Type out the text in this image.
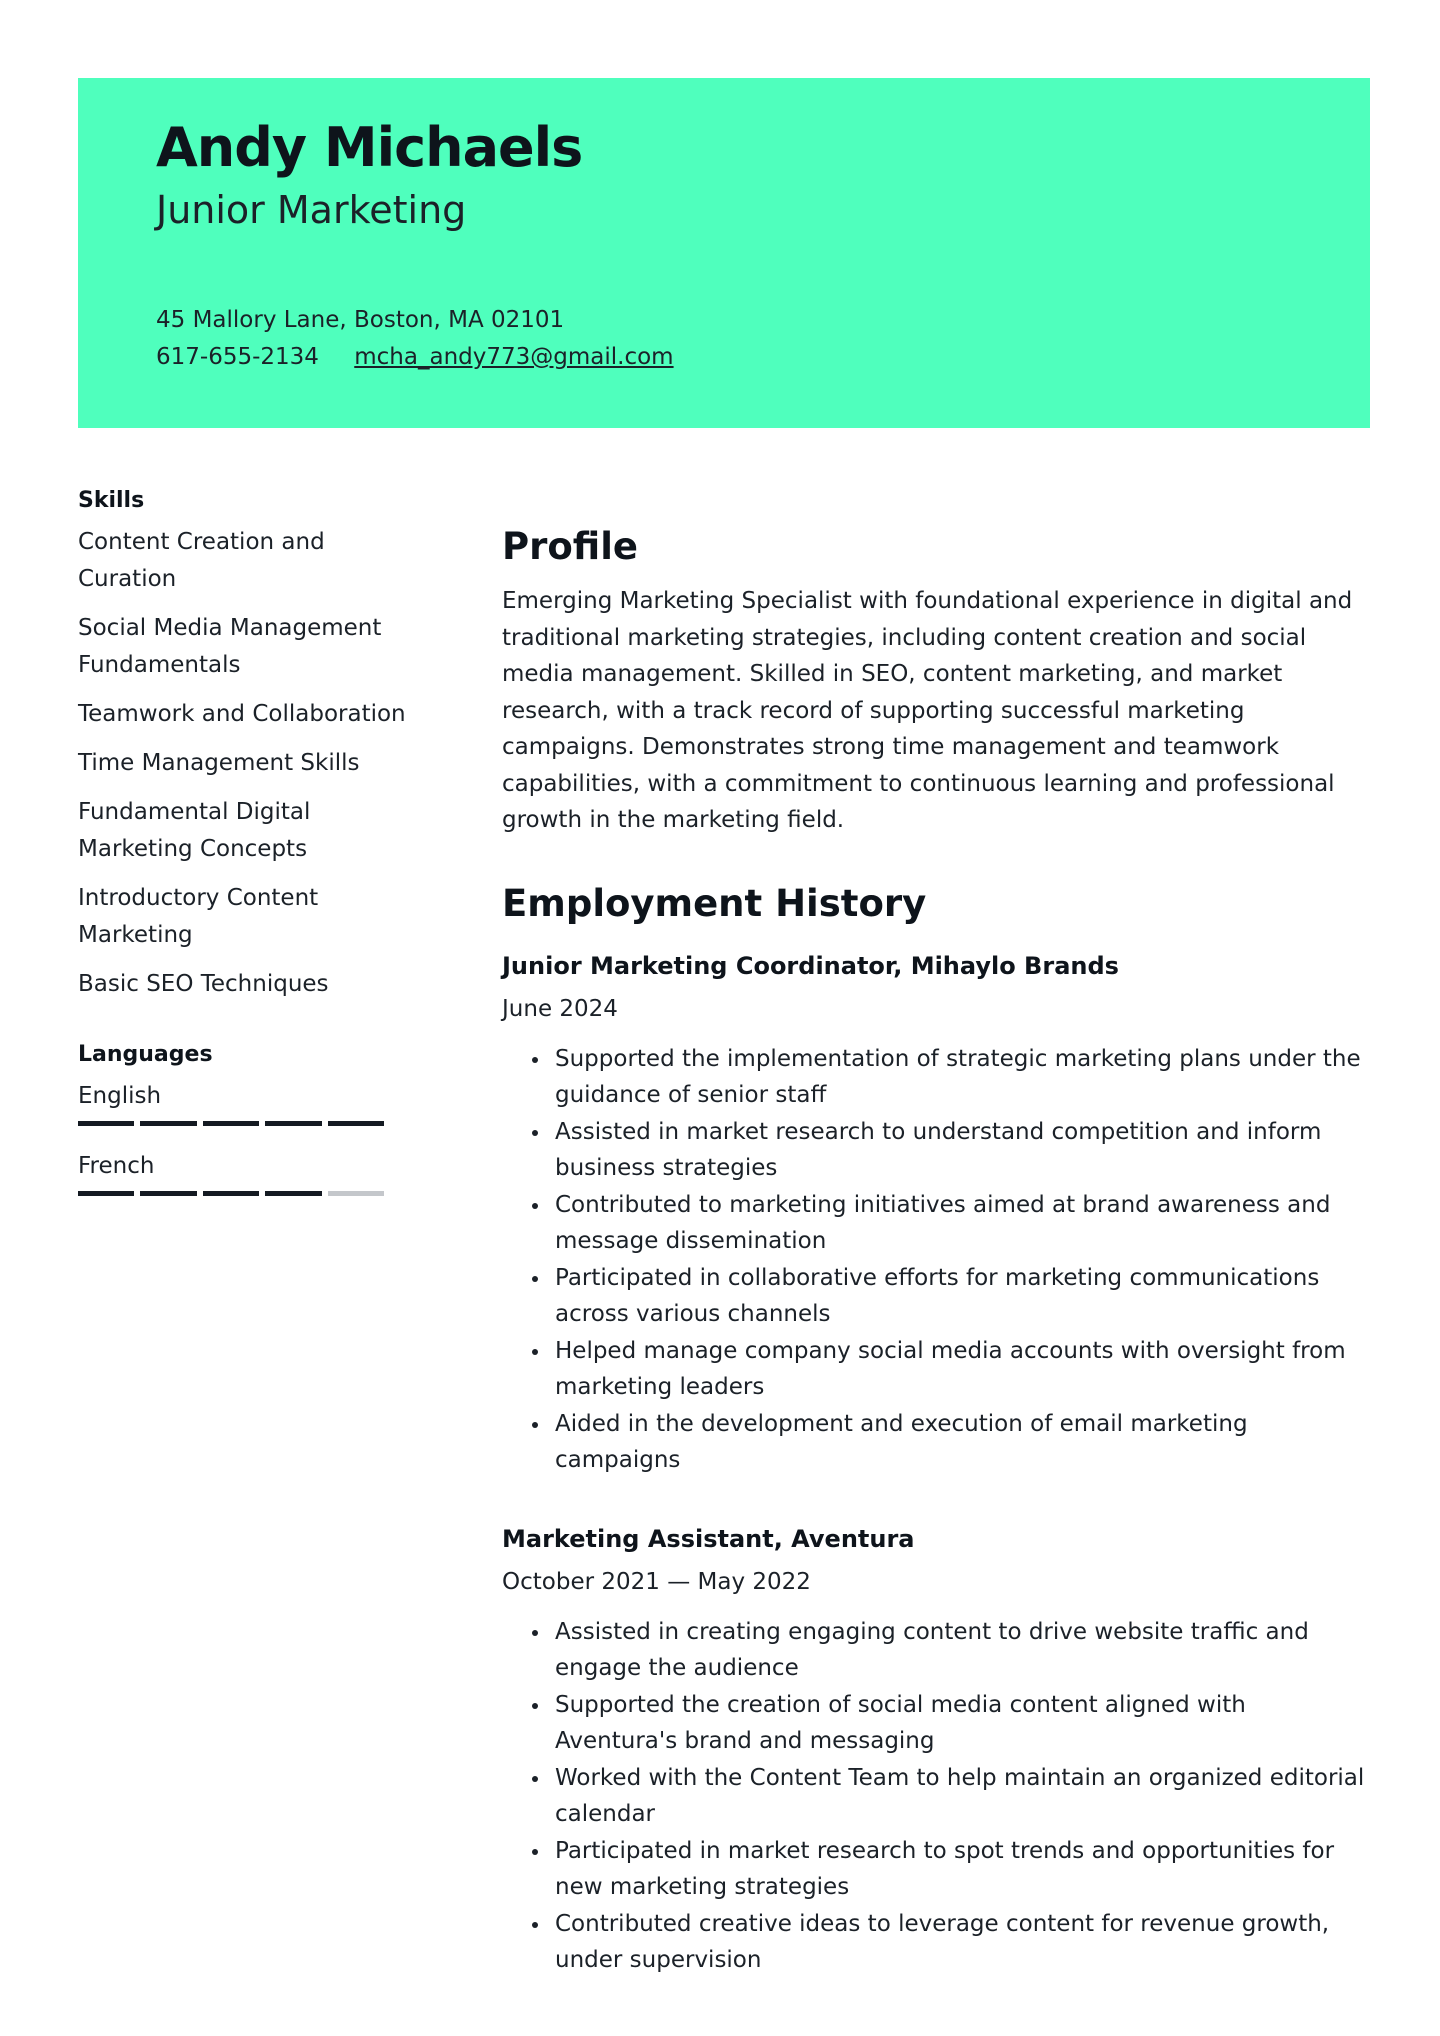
Andy Michaels
Junior Marketing
45 Mallory Lane, Boston, MA 02101
617-655-2134 mcha_andy773@gmail.com
Skills
Content Creation and Curation
Social Media Management Fundamentals
Teamwork and Collaboration
Time Management Skills
Fundamental Digital Marketing Concepts
Introductory Content Marketing
Basic SEO Techniques
Languages
English
French
Profile

Emerging Marketing Specialist with foundational experience in digital and traditional marketing strategies, including content creation and social media management. Skilled in SEO, content marketing, and market research, with a track record of supporting successful marketing campaigns. Demonstrates strong time management and teamwork capabilities, with a commitment to continuous learning and professional growth in the marketing field.

Employment History
Junior Marketing Coordinator, Mihaylo Brands
June 2024
Supported the implementation of strategic marketing plans under the guidance of senior staff
Assisted in market research to understand competition and inform business strategies
Contributed to marketing initiatives aimed at brand awareness and message dissemination
Participated in collaborative efforts for marketing communications across various channels
Helped manage company social media accounts with oversight from marketing leaders
Aided in the development and execution of email marketing campaigns
Marketing Assistant, Aventura
October 2021 — May 2022
Assisted in creating engaging content to drive website traffic and engage the audience
Supported the creation of social media content aligned with Aventura's brand and messaging
Worked with the Content Team to help maintain an organized editorial calendar
Participated in market research to spot trends and opportunities for new marketing strategies
Contributed creative ideas to leverage content for revenue growth, under supervision
